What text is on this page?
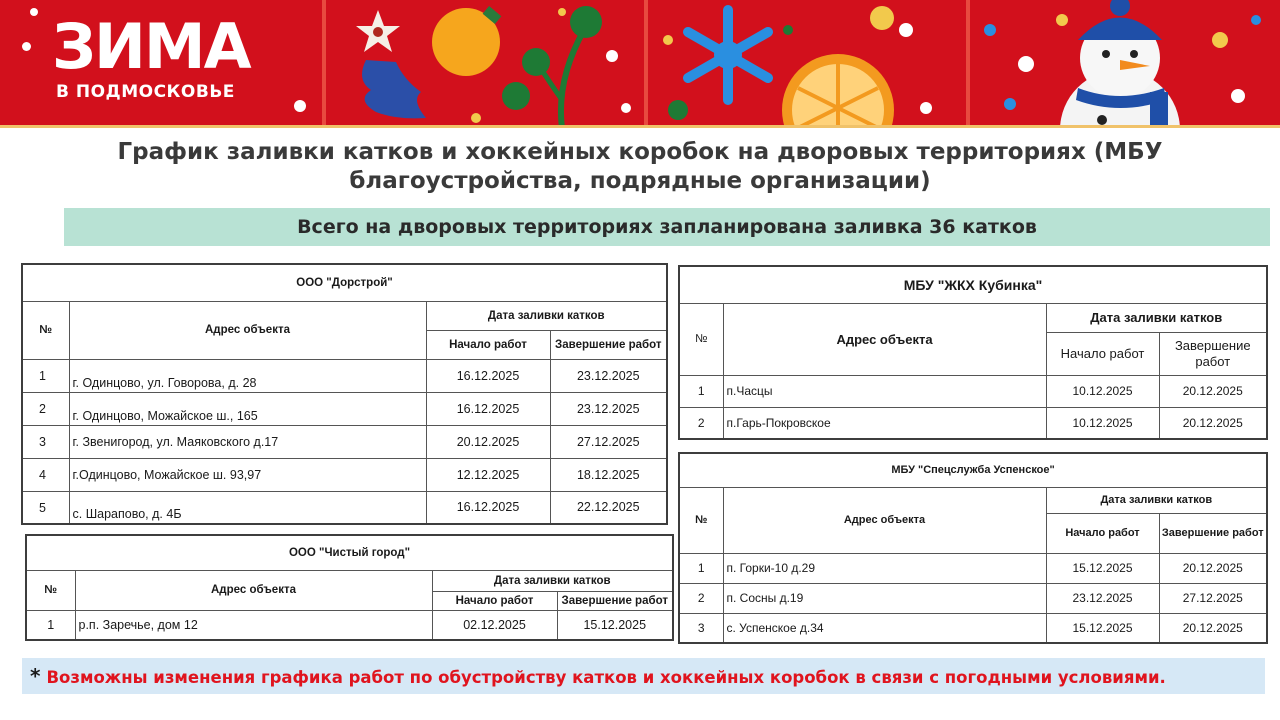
ЗИМА
В ПОДМОСКОВЬЕ
График заливки катков и хоккейных коробок на дворовых территориях (МБУ
благоустройства, подрядные организации)
Всего на дворовых территориях запланирована заливка 36 катков
ООО "Дорстрой"			
№	Адрес объекта	Дата заливки катков	
		Начало работ	Завершение работ
1	г. Одинцово, ул. Говорова, д. 28	16.12.2025	23.12.2025
2	г. Одинцово, Можайское ш., 165	16.12.2025	23.12.2025
3	г. Звенигород, ул. Маяковского д.17	20.12.2025	27.12.2025
4	г.Одинцово, Можайское ш. 93,97	12.12.2025	18.12.2025
5	с. Шарапово, д. 4Б	16.12.2025	22.12.2025
ООО "Чистый город"			
№	Адрес объекта	Дата заливки катков	
		Начало работ	Завершение работ
1	р.п. Заречье, дом 12	02.12.2025	15.12.2025
МБУ "ЖКХ Кубинка"			
№	Адрес объекта	Дата заливки катков	
		Начало работ	Завершение
работ

1	п.Часцы	10.12.2025	20.12.2025
2	п.Гарь-Покровское	10.12.2025	20.12.2025
МБУ "Спецслужба Успенское"			
№	Адрес объекта	Дата заливки катков	
		Начало работ	Завершение работ
1	п. Горки-10 д.29	15.12.2025	20.12.2025
2	п. Сосны д.19	23.12.2025	27.12.2025
3	с. Успенское д.34	15.12.2025	20.12.2025
* Возможны изменения графика работ по обустройству катков и хоккейных коробок в связи с погодными условиями.
